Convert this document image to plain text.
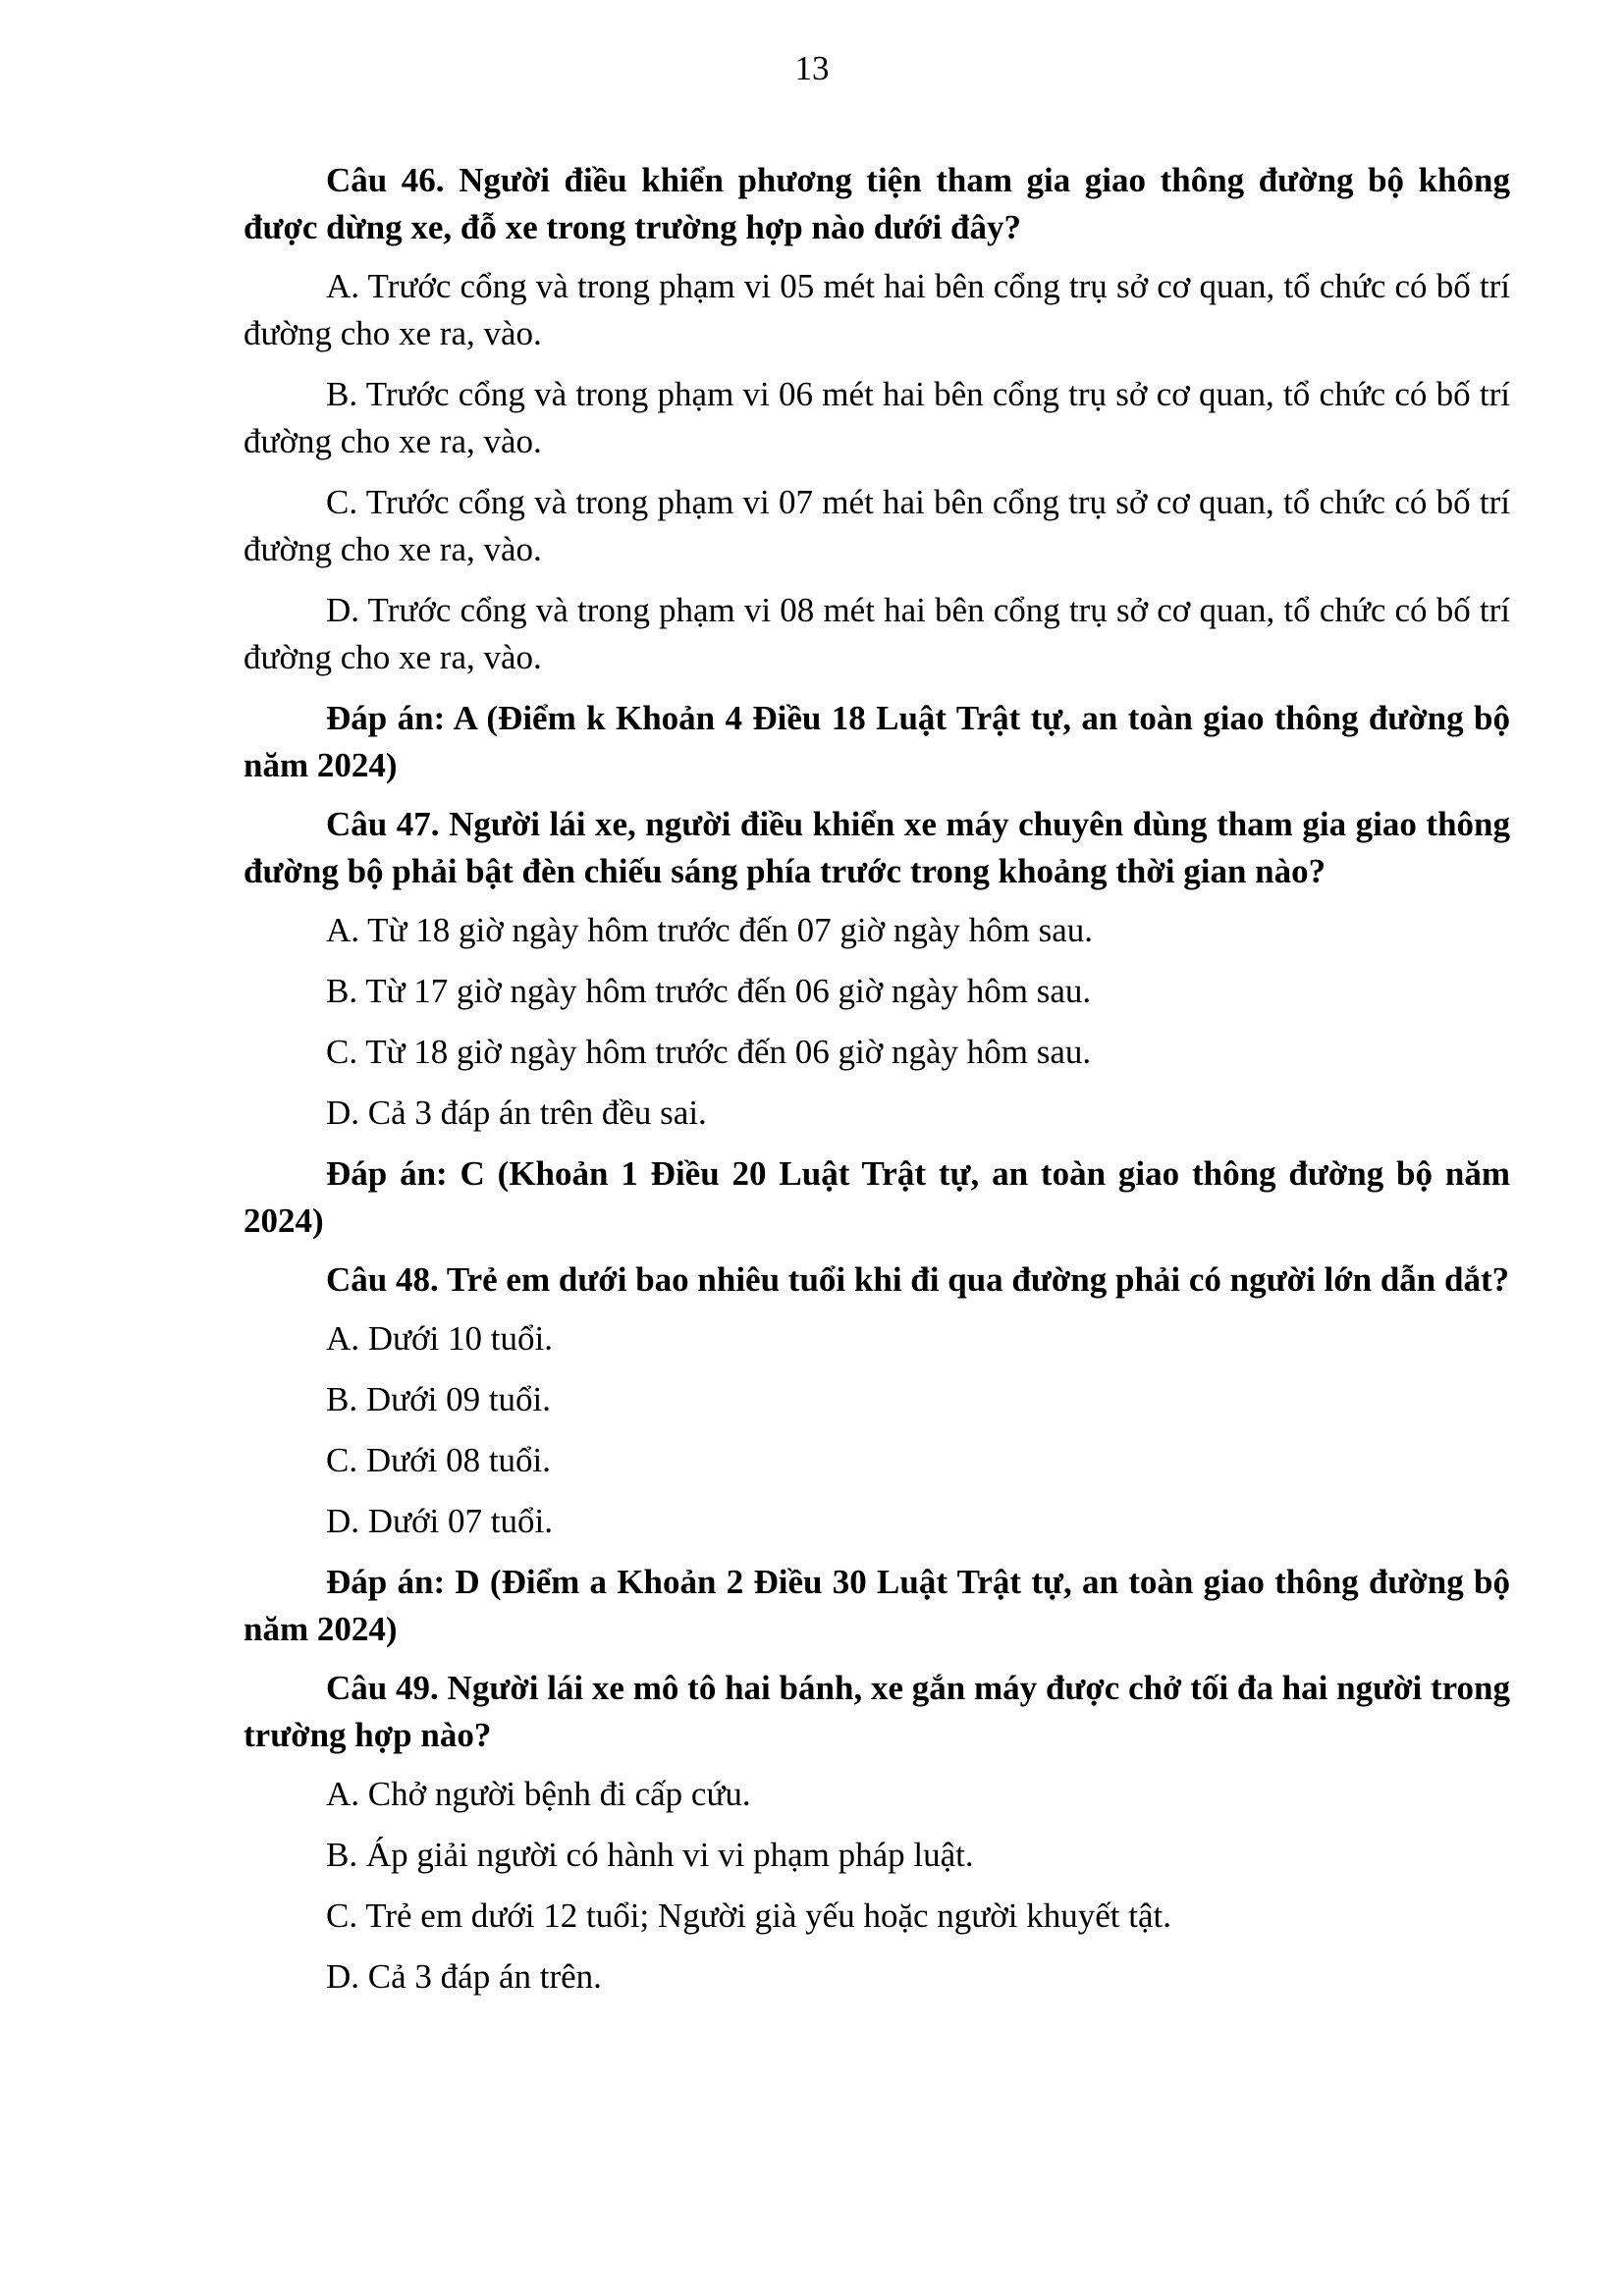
13

Câu 46. Người điều khiển phương tiện tham gia giao thông đường bộ không được dừng xe, đỗ xe trong trường hợp nào dưới đây?

A. Trước cổng và trong phạm vi 05 mét hai bên cổng trụ sở cơ quan, tổ chức có bố trí đường cho xe ra, vào.

B. Trước cổng và trong phạm vi 06 mét hai bên cổng trụ sở cơ quan, tổ chức có bố trí đường cho xe ra, vào.

C. Trước cổng và trong phạm vi 07 mét hai bên cổng trụ sở cơ quan, tổ chức có bố trí đường cho xe ra, vào.

D. Trước cổng và trong phạm vi 08 mét hai bên cổng trụ sở cơ quan, tổ chức có bố trí đường cho xe ra, vào.

Đáp án: A (Điểm k Khoản 4 Điều 18 Luật Trật tự, an toàn giao thông đường bộ năm 2024)

Câu 47. Người lái xe, người điều khiển xe máy chuyên dùng tham gia giao thông đường bộ phải bật đèn chiếu sáng phía trước trong khoảng thời gian nào?

A. Từ 18 giờ ngày hôm trước đến 07 giờ ngày hôm sau.

B. Từ 17 giờ ngày hôm trước đến 06 giờ ngày hôm sau.

C. Từ 18 giờ ngày hôm trước đến 06 giờ ngày hôm sau.

D. Cả 3 đáp án trên đều sai.

Đáp án: C (Khoản 1 Điều 20 Luật Trật tự, an toàn giao thông đường bộ năm 2024)

Câu 48. Trẻ em dưới bao nhiêu tuổi khi đi qua đường phải có người lớn dẫn dắt?

A. Dưới 10 tuổi.

B. Dưới 09 tuổi.

C. Dưới 08 tuổi.

D. Dưới 07 tuổi.

Đáp án: D (Điểm a Khoản 2 Điều 30 Luật Trật tự, an toàn giao thông đường bộ năm 2024)

Câu 49. Người lái xe mô tô hai bánh, xe gắn máy được chở tối đa hai người trong trường hợp nào?

A. Chở người bệnh đi cấp cứu.

B. Áp giải người có hành vi vi phạm pháp luật.

C. Trẻ em dưới 12 tuổi; Người già yếu hoặc người khuyết tật.

D. Cả 3 đáp án trên.
